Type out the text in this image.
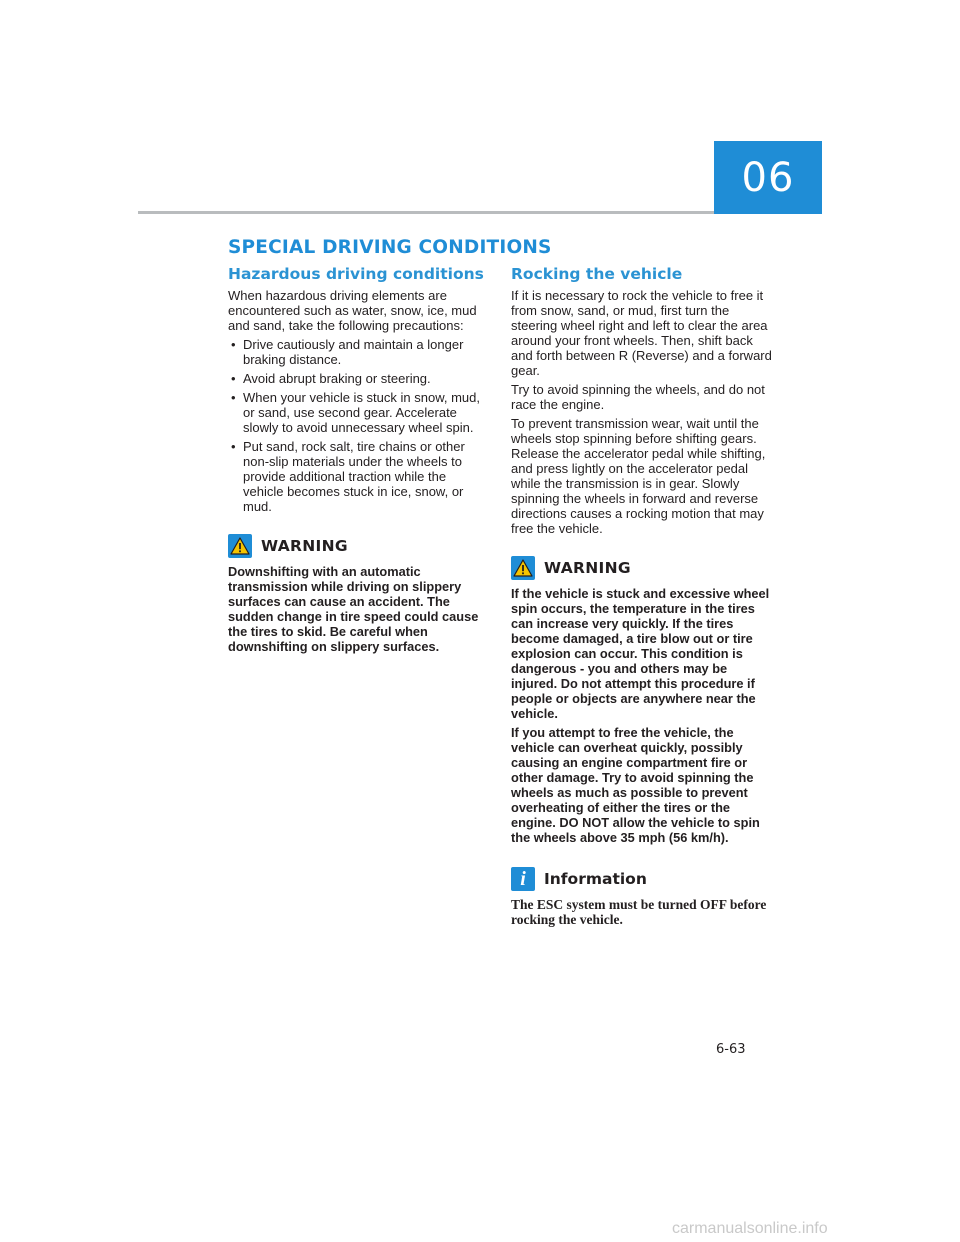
06
SPECIAL DRIVING CONDITIONS
Hazardous driving conditions

When hazardous driving elements are encountered such as water, snow, ice, mud and sand, take the following precautions:

• Drive cautiously and maintain a longer braking distance.
• Avoid abrupt braking or steering.
• When your vehicle is stuck in snow, mud, or sand, use second gear. Accelerate slowly to avoid unnecessary wheel spin.
• Put sand, rock salt, tire chains or other non-slip materials under the wheels to provide additional traction while the vehicle becomes stuck in ice, snow, or mud.
WARNING

Downshifting with an automatic transmission while driving on slippery surfaces can cause an accident. The sudden change in tire speed could cause the tires to skid. Be careful when downshifting on slippery surfaces.

Rocking the vehicle

If it is necessary to rock the vehicle to free it from snow, sand, or mud, first turn the steering wheel right and left to clear the area around your front wheels. Then, shift back and forth between R (Reverse) and a forward gear.

Try to avoid spinning the wheels, and do not race the engine.

To prevent transmission wear, wait until the wheels stop spinning before shifting gears. Release the accelerator pedal while shifting, and press lightly on the accelerator pedal while the transmission is in gear. Slowly spinning the wheels in forward and reverse directions causes a rocking motion that may free the vehicle.

WARNING

If the vehicle is stuck and excessive wheel spin occurs, the temperature in the tires can increase very quickly. If the tires become damaged, a tire blow out or tire explosion can occur. This condition is dangerous - you and others may be injured. Do not attempt this procedure if people or objects are anywhere near the vehicle.

If you attempt to free the vehicle, the vehicle can overheat quickly, possibly causing an engine compartment fire or other damage. Try to avoid spinning the wheels as much as possible to prevent overheating of either the tires or the engine. DO NOT allow the vehicle to spin the wheels above 35 mph (56 km/h).

i	Information

The ESC system must be turned OFF before rocking the vehicle.

6-63
carmanualsonline.info
